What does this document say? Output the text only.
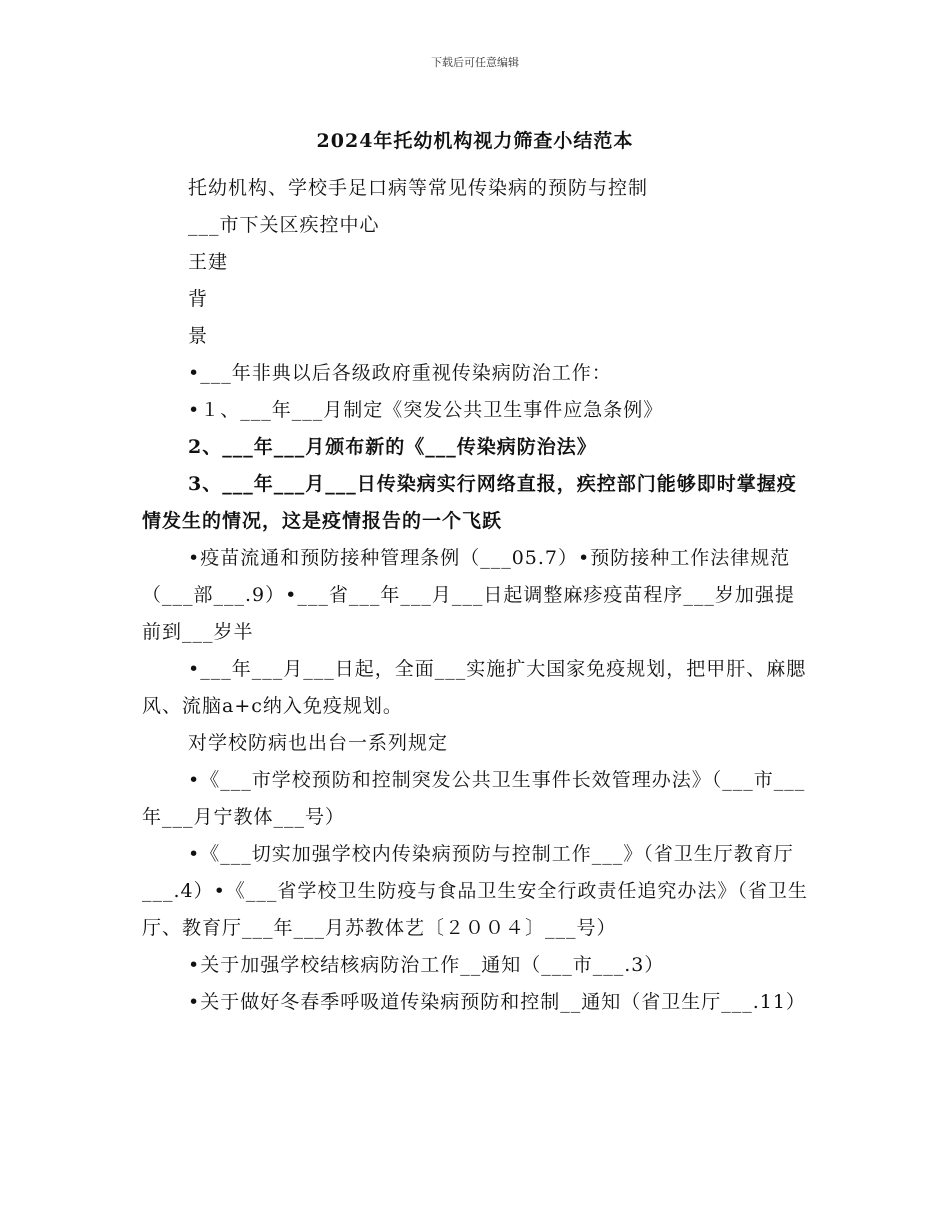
下载后可任意编辑
2024年托幼机构视力筛查小结范本

托幼机构、学校手足口病等常见传染病的预防与控制

___市下关区疾控中心

王建

背

景

•___年非典以后各级政府重视传染病防治工作：

•１、___年___月制定《突发公共卫生事件应急条例》

2、___年___月颁布新的《___传染病防治法》

3、___年___月___日传染病实行网络直报，疾控部门能够即时掌握疫情发生的情况，这是疫情报告的一个飞跃

•疫苗流通和预防接种管理条例（___05.7）•预防接种工作法律规范（___部___.9）•___省___年___月___日起调整麻疹疫苗程序___岁加强提前到___岁半

•___年___月___日起，全面___实施扩大国家免疫规划，把甲肝、麻腮风、流脑a+c纳入免疫规划。

对学校防病也出台一系列规定

•《___市学校预防和控制突发公共卫生事件长效管理办法》（___市___年___月宁教体___号）

•《___切实加强学校内传染病预防与控制工作___》（省卫生厅教育厅___.4）•《___省学校卫生防疫与食品卫生安全行政责任追究办法》（省卫生厅、教育厅___年___月苏教体艺〔２００４〕___号）

•关于加强学校结核病防治工作__通知（___市___.3）

•关于做好冬春季呼吸道传染病预防和控制__通知（省卫生厅___.11）
